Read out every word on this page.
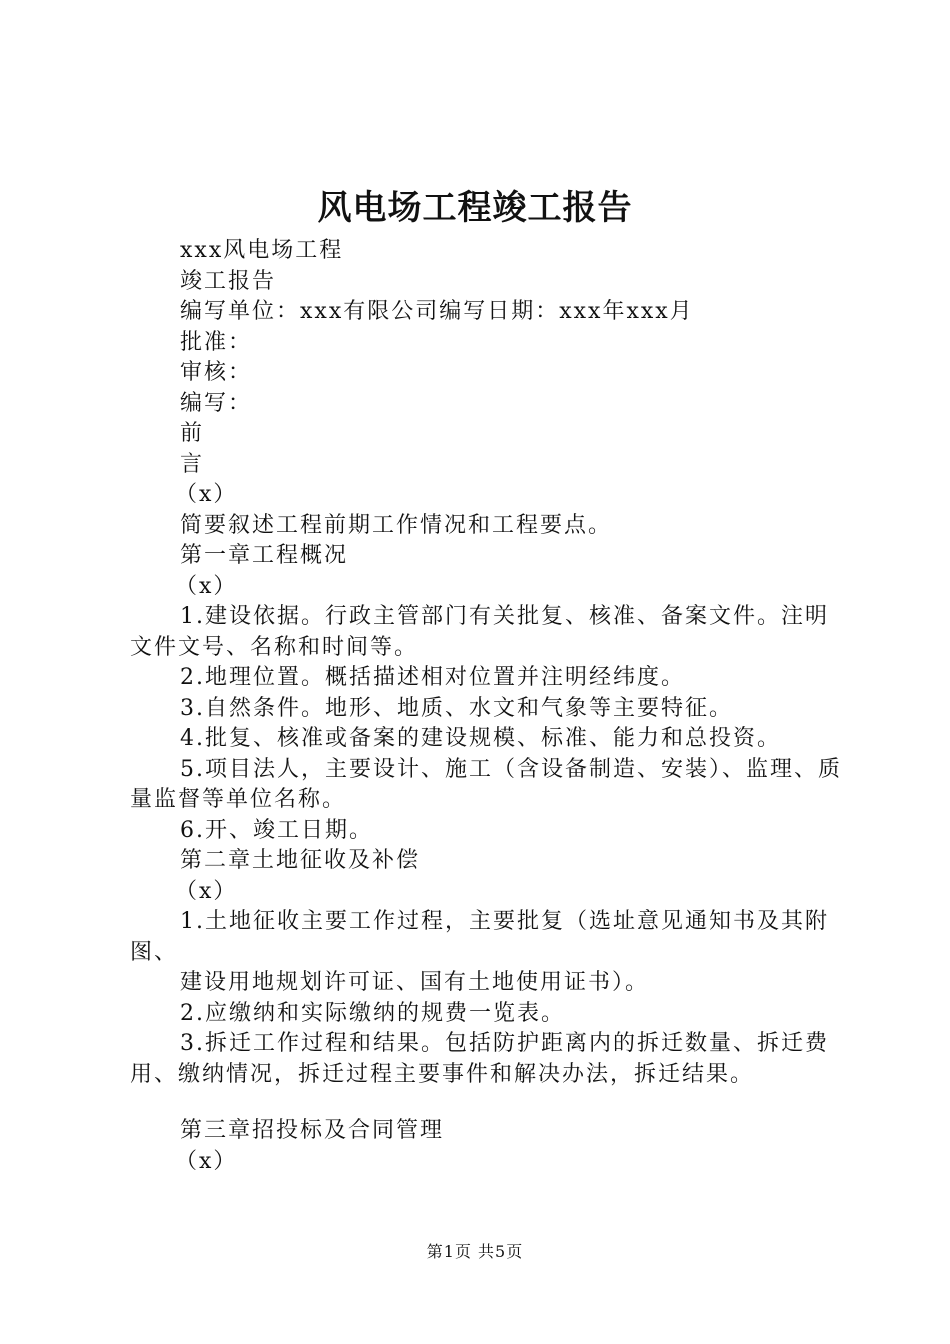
风电场工程竣工报告

xxx风电场工程

竣工报告

编写单位：xxx有限公司编写日期：xxx年xxx月

批准：

审核：

编写：

前

言

（x）

简要叙述工程前期工作情况和工程要点。

第一章工程概况

（x）

1.建设依据。行政主管部门有关批复、核准、备案文件。注明文件文号、名称和时间等。

2.地理位置。概括描述相对位置并注明经纬度。

3.自然条件。地形、地质、水文和气象等主要特征。

4.批复、核准或备案的建设规模、标准、能力和总投资。

5.项目法人，主要设计、施工（含设备制造、安装）、监理、质量监督等单位名称。

6.开、竣工日期。

第二章土地征收及补偿

（x）

1.土地征收主要工作过程，主要批复（选址意见通知书及其附图、

建设用地规划许可证、国有土地使用证书）。

2.应缴纳和实际缴纳的规费一览表。

3.拆迁工作过程和结果。包括防护距离内的拆迁数量、拆迁费用、缴纳情况，拆迁过程主要事件和解决办法，拆迁结果。

第三章招投标及合同管理

（x）

第1页 共5页
